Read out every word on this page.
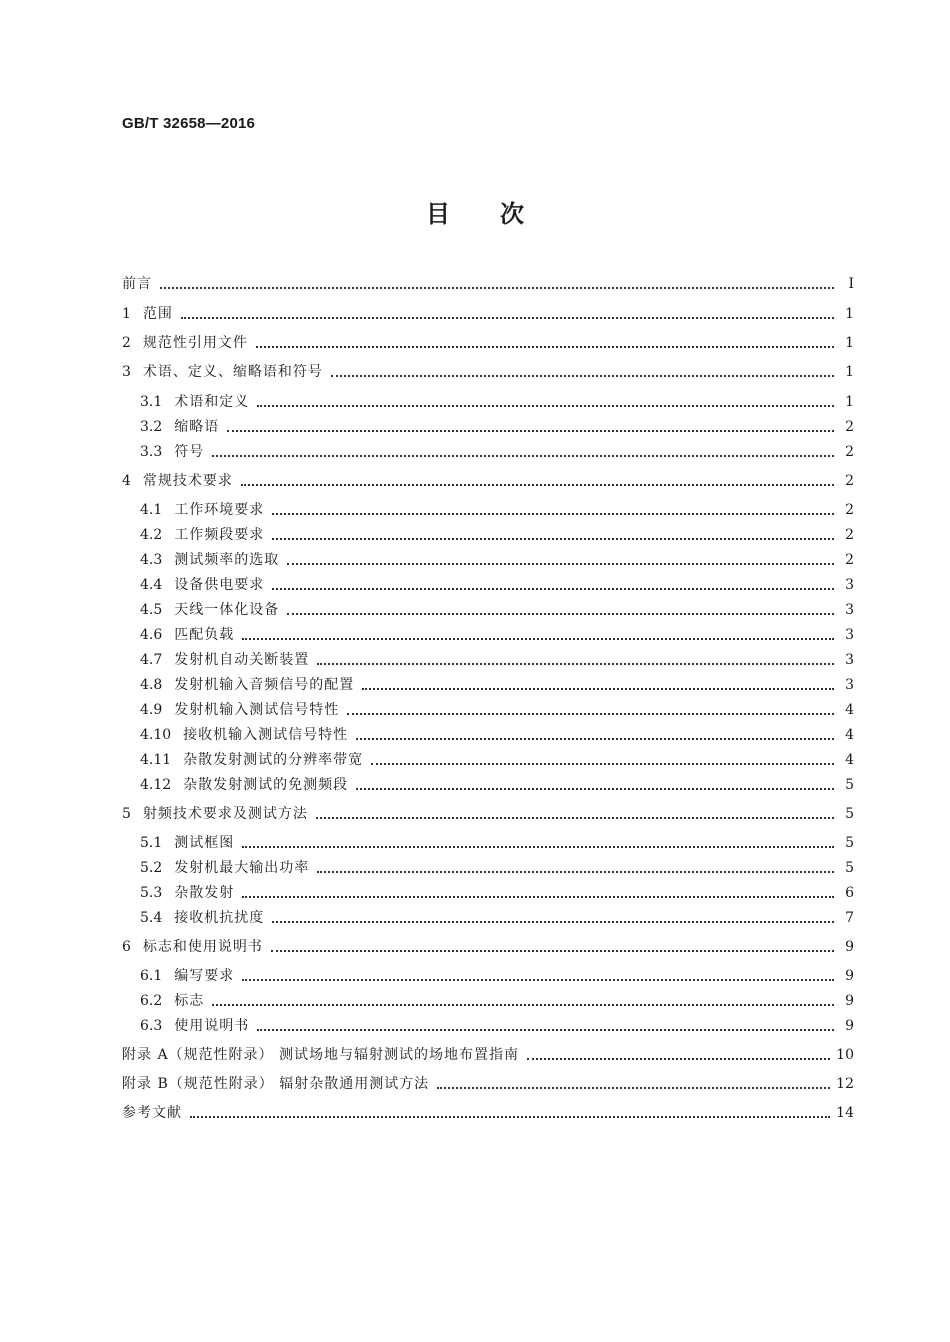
GB/T 32658—2016
目次
前言	Ⅰ
1 范围	1
2 规范性引用文件	1
3 术语、定义、缩略语和符号	1
3.1 术语和定义	1
3.2 缩略语	2
3.3 符号	2
4 常规技术要求	2
4.1 工作环境要求	2
4.2 工作频段要求	2
4.3 测试频率的选取	2
4.4 设备供电要求	3
4.5 天线一体化设备	3
4.6 匹配负载	3
4.7 发射机自动关断装置	3
4.8 发射机输入音频信号的配置	3
4.9 发射机输入测试信号特性	4
4.10 接收机输入测试信号特性	4
4.11 杂散发射测试的分辨率带宽	4
4.12 杂散发射测试的免测频段	5
5 射频技术要求及测试方法	5
5.1 测试框图	5
5.2 发射机最大输出功率	5
5.3 杂散发射	6
5.4 接收机抗扰度	7
6 标志和使用说明书	9
6.1 编写要求	9
6.2 标志	9
6.3 使用说明书	9
附录 A（规范性附录） 测试场地与辐射测试的场地布置指南	10
附录 B（规范性附录） 辐射杂散通用测试方法	12
参考文献	14
